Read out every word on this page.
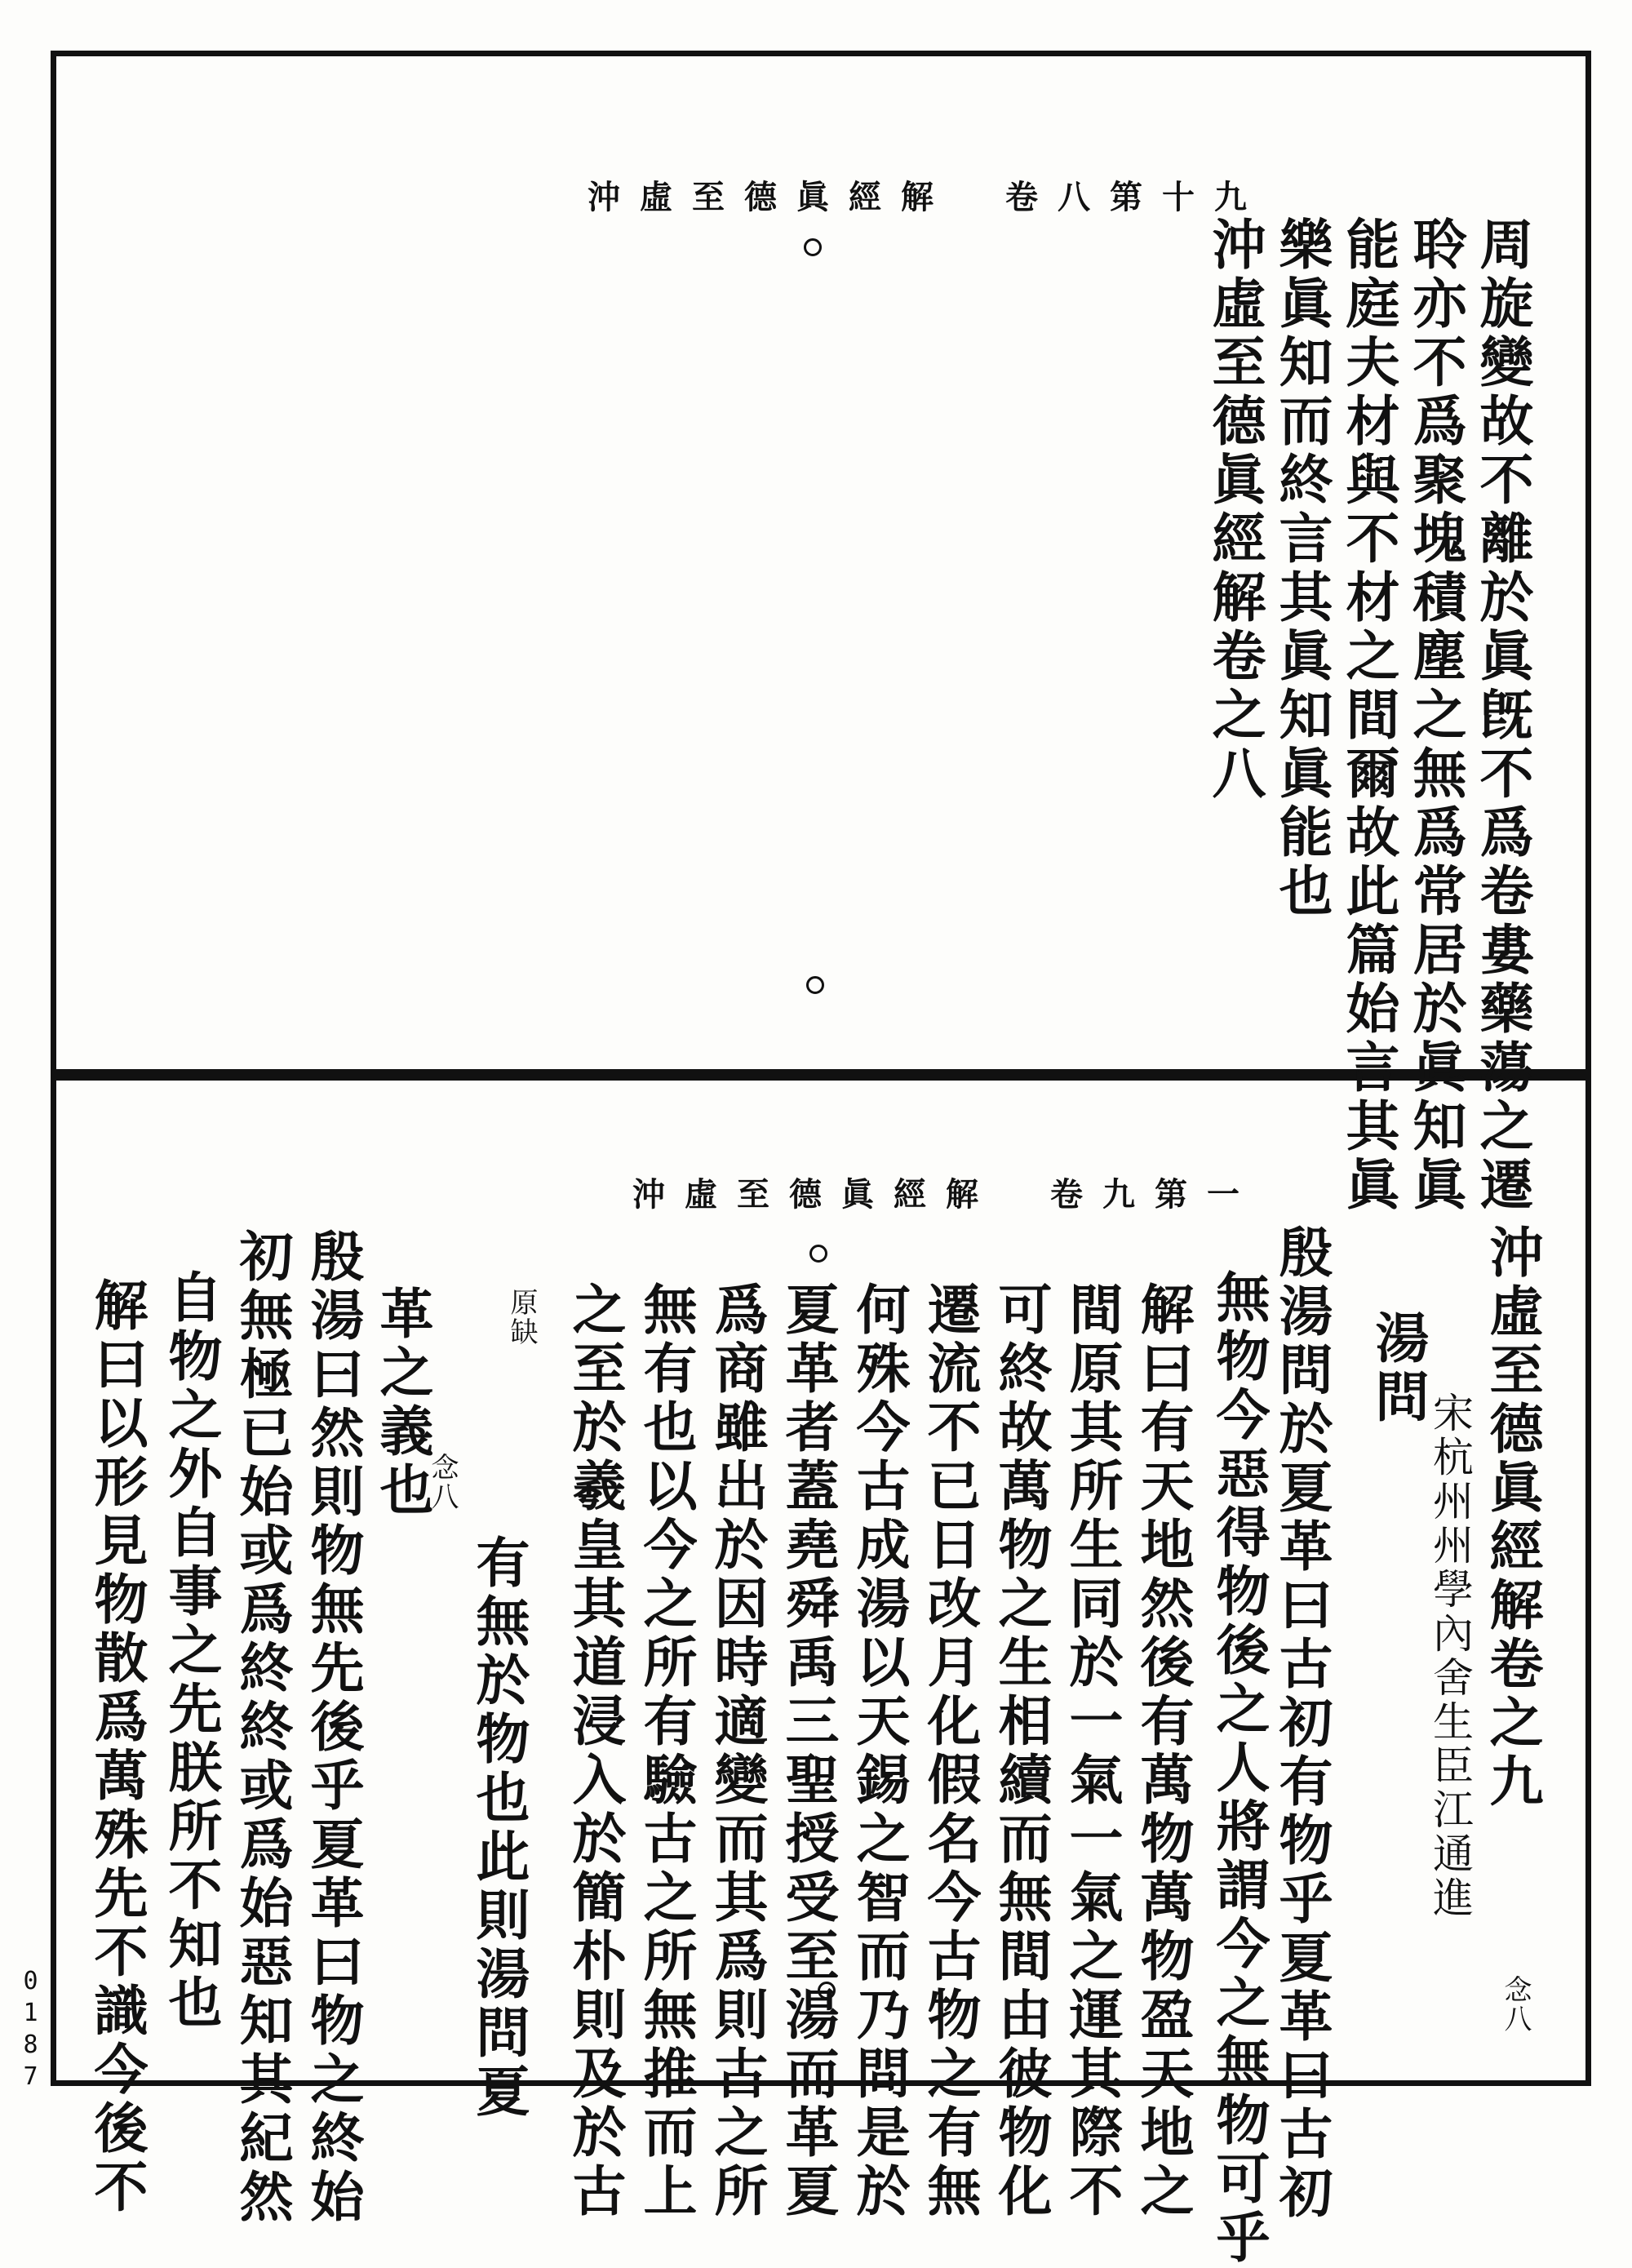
沖虛至德眞經解　卷八第十九
周旋變故不離於眞旣不爲卷婁藥蕩之遷
聆亦不爲聚塊積塵之無爲常居於眞知眞
能庭夫材與不材之間爾故此篇始言其眞
樂眞知而終言其眞知眞能也
沖虛至德眞經解卷之八
沖虛至德眞經解　卷九第一
沖虛至德眞經解卷之九
念八
宋杭州州學內舍生臣江通進
湯問
無物今惡得物後之人將謂今之無物可乎 殷湯問於夏革曰古初有物乎夏革曰古初
解曰有天地然後有萬物萬物盈天地之
間原其所生同於一氣一氣之運其際不
可終故萬物之生相續而無間由彼物化
遷流不已日改月化假名今古物之有無
何殊今古成湯以天錫之智而乃問是於
夏革者蓋堯舜禹三聖授受至湯而革夏
爲商雖出於因時適變而其爲則古之所
無有也以今之所有驗古之所無推而上
之至於羲皇其道浸入於簡朴則及於古
原缺
有無於物也此則湯問夏
革之義也
念八
殷湯曰然則物無先後乎夏革曰物之終始
初無極已始或爲終終或爲始惡知其紀然
自物之外自事之先朕所不知也
解曰以形見物散爲萬殊先不識今後不
0187
